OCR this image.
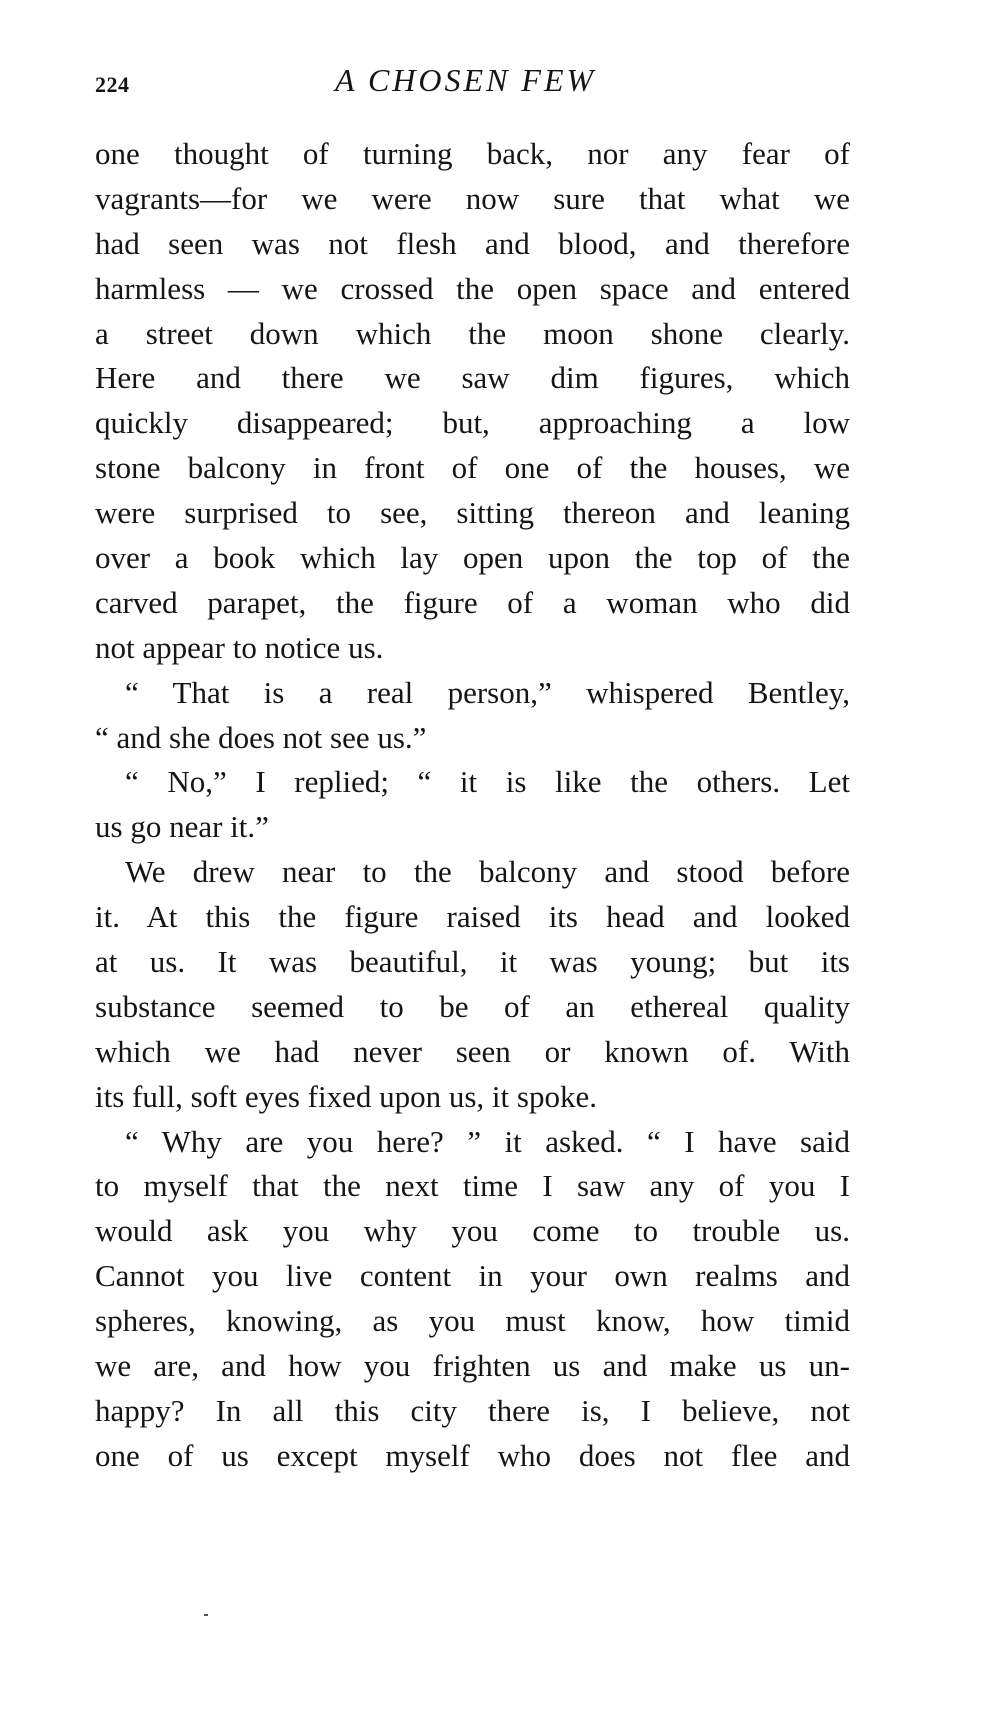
224	A CHOSEN FEW
one thought of turning back, nor any fear of
vagrants—for we were now sure that what we
had seen was not flesh and blood, and therefore
harmless — we crossed the open space and entered
a street down which the moon shone clearly.
Here and there we saw dim figures, which
quickly disappeared; but, approaching a low
stone balcony in front of one of the houses, we
were surprised to see, sitting thereon and leaning
over a book which lay open upon the top of the
carved parapet, the figure of a woman who did
not appear to notice us.
“ That is a real person,” whispered Bentley,
“ and she does not see us.”
“ No,” I replied; “ it is like the others. Let
us go near it.”
We drew near to the balcony and stood before
it. At this the figure raised its head and looked
at us. It was beautiful, it was young; but its
substance seemed to be of an ethereal quality
which we had never seen or known of. With
its full, soft eyes fixed upon us, it spoke.
“ Why are you here? ” it asked. “ I have said
to myself that the next time I saw any of you I
would ask you why you come to trouble us.
Cannot you live content in your own realms and
spheres, knowing, as you must know, how timid
we are, and how you frighten us and make us un-
happy? In all this city there is, I believe, not
one of us except myself who does not flee and
